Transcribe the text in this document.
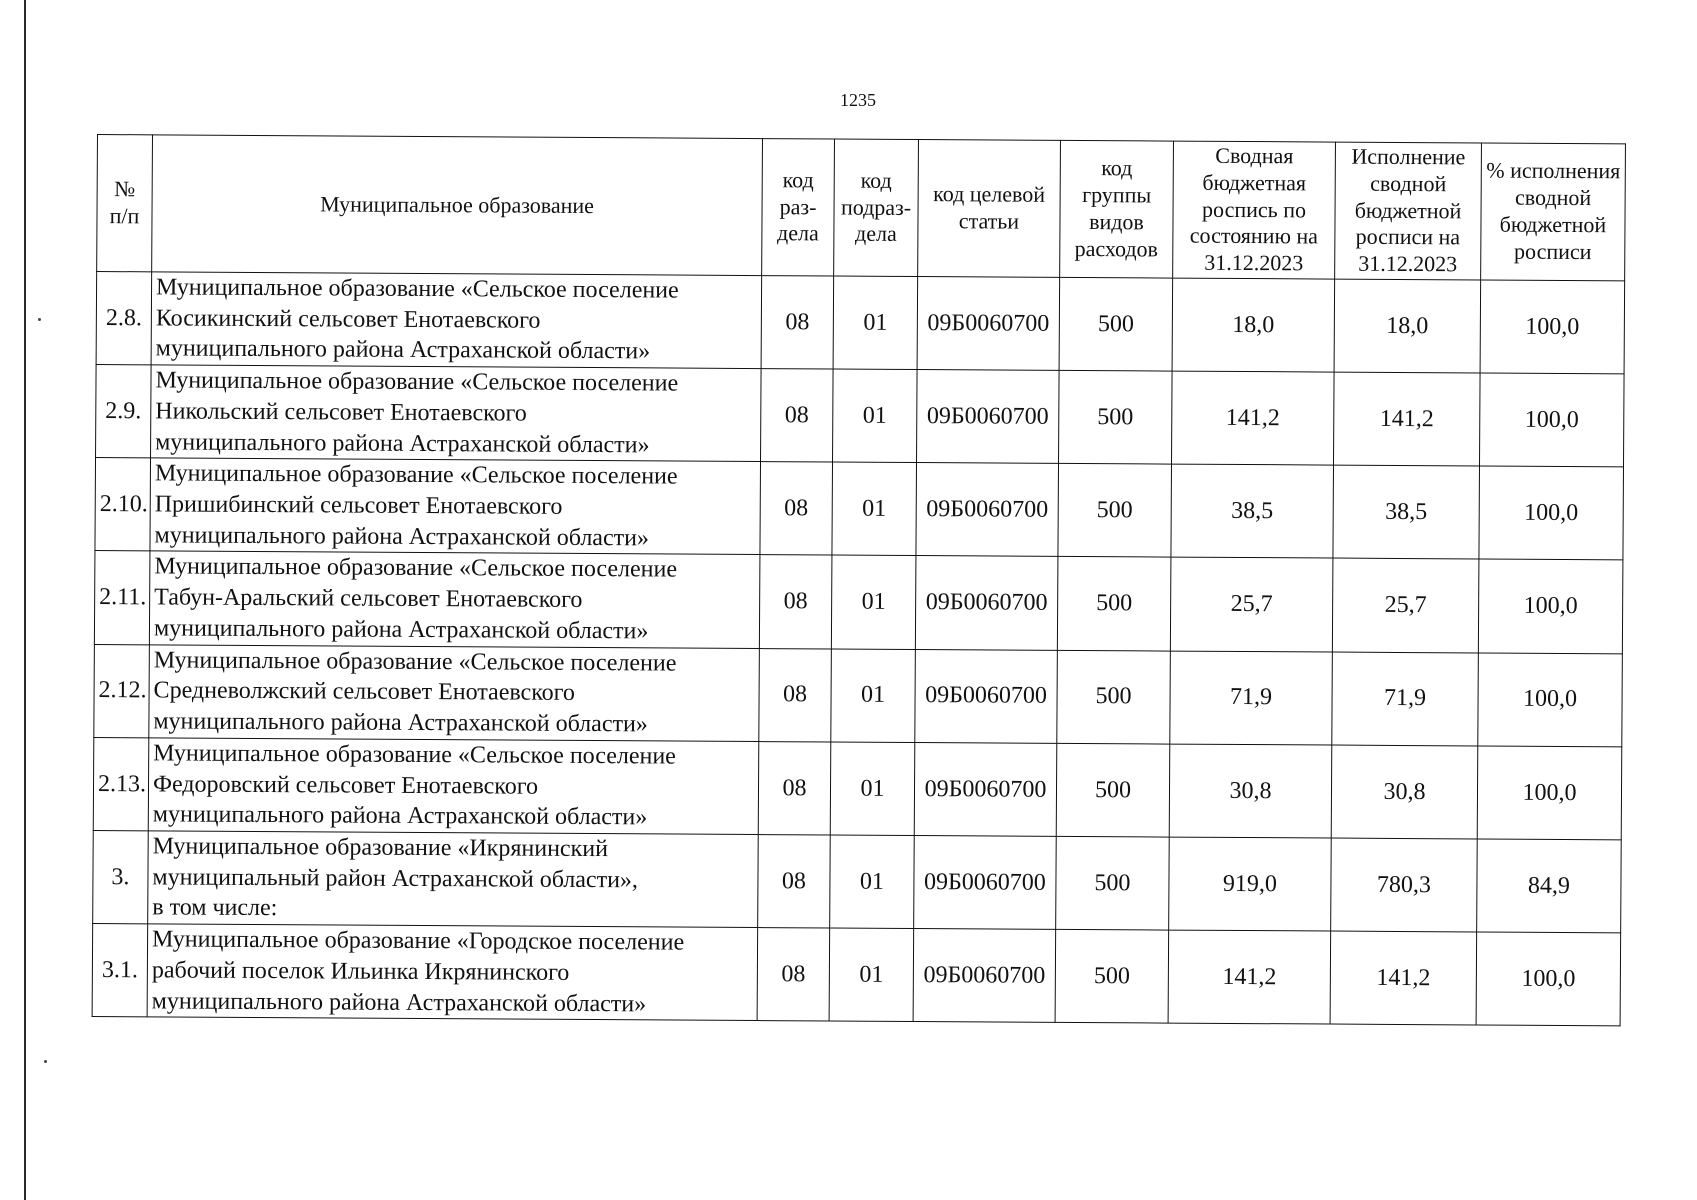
1235
№
п/п	Муниципальное образование	код раз-дела	код подраз-дела	код целевой статьи	код группы видов расходов	Сводная бюджетная роспись по состоянию на 31.12.2023	Исполнение сводной бюджетной росписи на 31.12.2023	% исполнения сводной бюджетной росписи
2.8.	Муниципальное образование «Сельское поселение
Косикинский сельсовет Енотаевского
муниципального района Астраханской области»	08	01	09Б0060700	500	18,0	18,0	100,0
2.9.	Муниципальное образование «Сельское поселение
Никольский сельсовет Енотаевского
муниципального района Астраханской области»	08	01	09Б0060700	500	141,2	141,2	100,0
2.10.	Муниципальное образование «Сельское поселение
Пришибинский сельсовет Енотаевского
муниципального района Астраханской области»	08	01	09Б0060700	500	38,5	38,5	100,0
2.11.	Муниципальное образование «Сельское поселение
Табун-Аральский сельсовет Енотаевского
муниципального района Астраханской области»	08	01	09Б0060700	500	25,7	25,7	100,0
2.12.	Муниципальное образование «Сельское поселение
Средневолжский сельсовет Енотаевского
муниципального района Астраханской области»	08	01	09Б0060700	500	71,9	71,9	100,0
2.13.	Муниципальное образование «Сельское поселение
Федоровский сельсовет Енотаевского
муниципального района Астраханской области»	08	01	09Б0060700	500	30,8	30,8	100,0
3.	Муниципальное образование «Икрянинский
муниципальный район Астраханской области»,
в том числе:	08	01	09Б0060700	500	919,0	780,3	84,9
3.1.	Муниципальное образование «Городское поселение
рабочий поселок Ильинка Икрянинского
муниципального района Астраханской области»	08	01	09Б0060700	500	141,2	141,2	100,0
